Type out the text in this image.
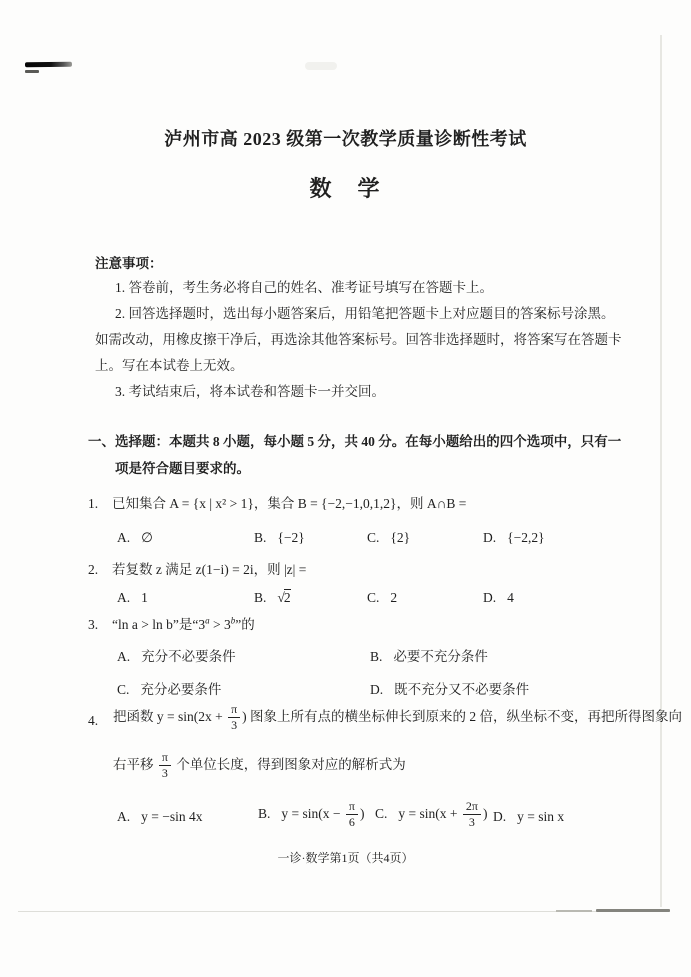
泸州市高 2023 级第一次教学质量诊断性考试
数　学
注意事项：

1. 答卷前，考生务必将自己的姓名、准考证号填写在答题卡上。

2. 回答选择题时，选出每小题答案后，用铅笔把答题卡上对应题目的答案标号涂黑。如需改动，用橡皮擦干净后，再选涂其他答案标号。回答非选择题时，将答案写在答题卡上。写在本试卷上无效。

3. 考试结束后，将本试卷和答题卡一并交回。

一、选择题：本题共 8 小题，每小题 5 分，共 40 分。在每小题给出的四个选项中，只有一项是符合题目要求的。
1. 已知集合 A = {x | x² > 1}，集合 B = {−2,−1,0,1,2}，则 A∩B =
A. ∅	B. {−2}	C. {2}	D. {−2,2}
2. 若复数 z 满足 z(1−i) = 2i，则 |z| =
A. 1	B. √2	C. 2	D. 4
3. “ln a > ln b”是“$3^a > 3^b$”的
A. 充分不必要条件	B. 必要不充分条件
C. 充分必要条件	D. 既不充分又不必要条件
4. 把函数 $y = \sin(2x + \frac{\pi}{3}$ ) 图象上所有点的横坐标伸长到原来的 2 倍，纵坐标不变，再把所得图象向
右平移 $\frac{\pi}{3}$ 个单位长度，得到图象对应的解析式为
A. y = −sin 4x	B. $y = \sin(x - \frac{\pi}{6}$ ) C. $y = \sin(x + \frac{2\pi}{3}$ ) D. y = sin x
一诊·数学第1页（共4页）
